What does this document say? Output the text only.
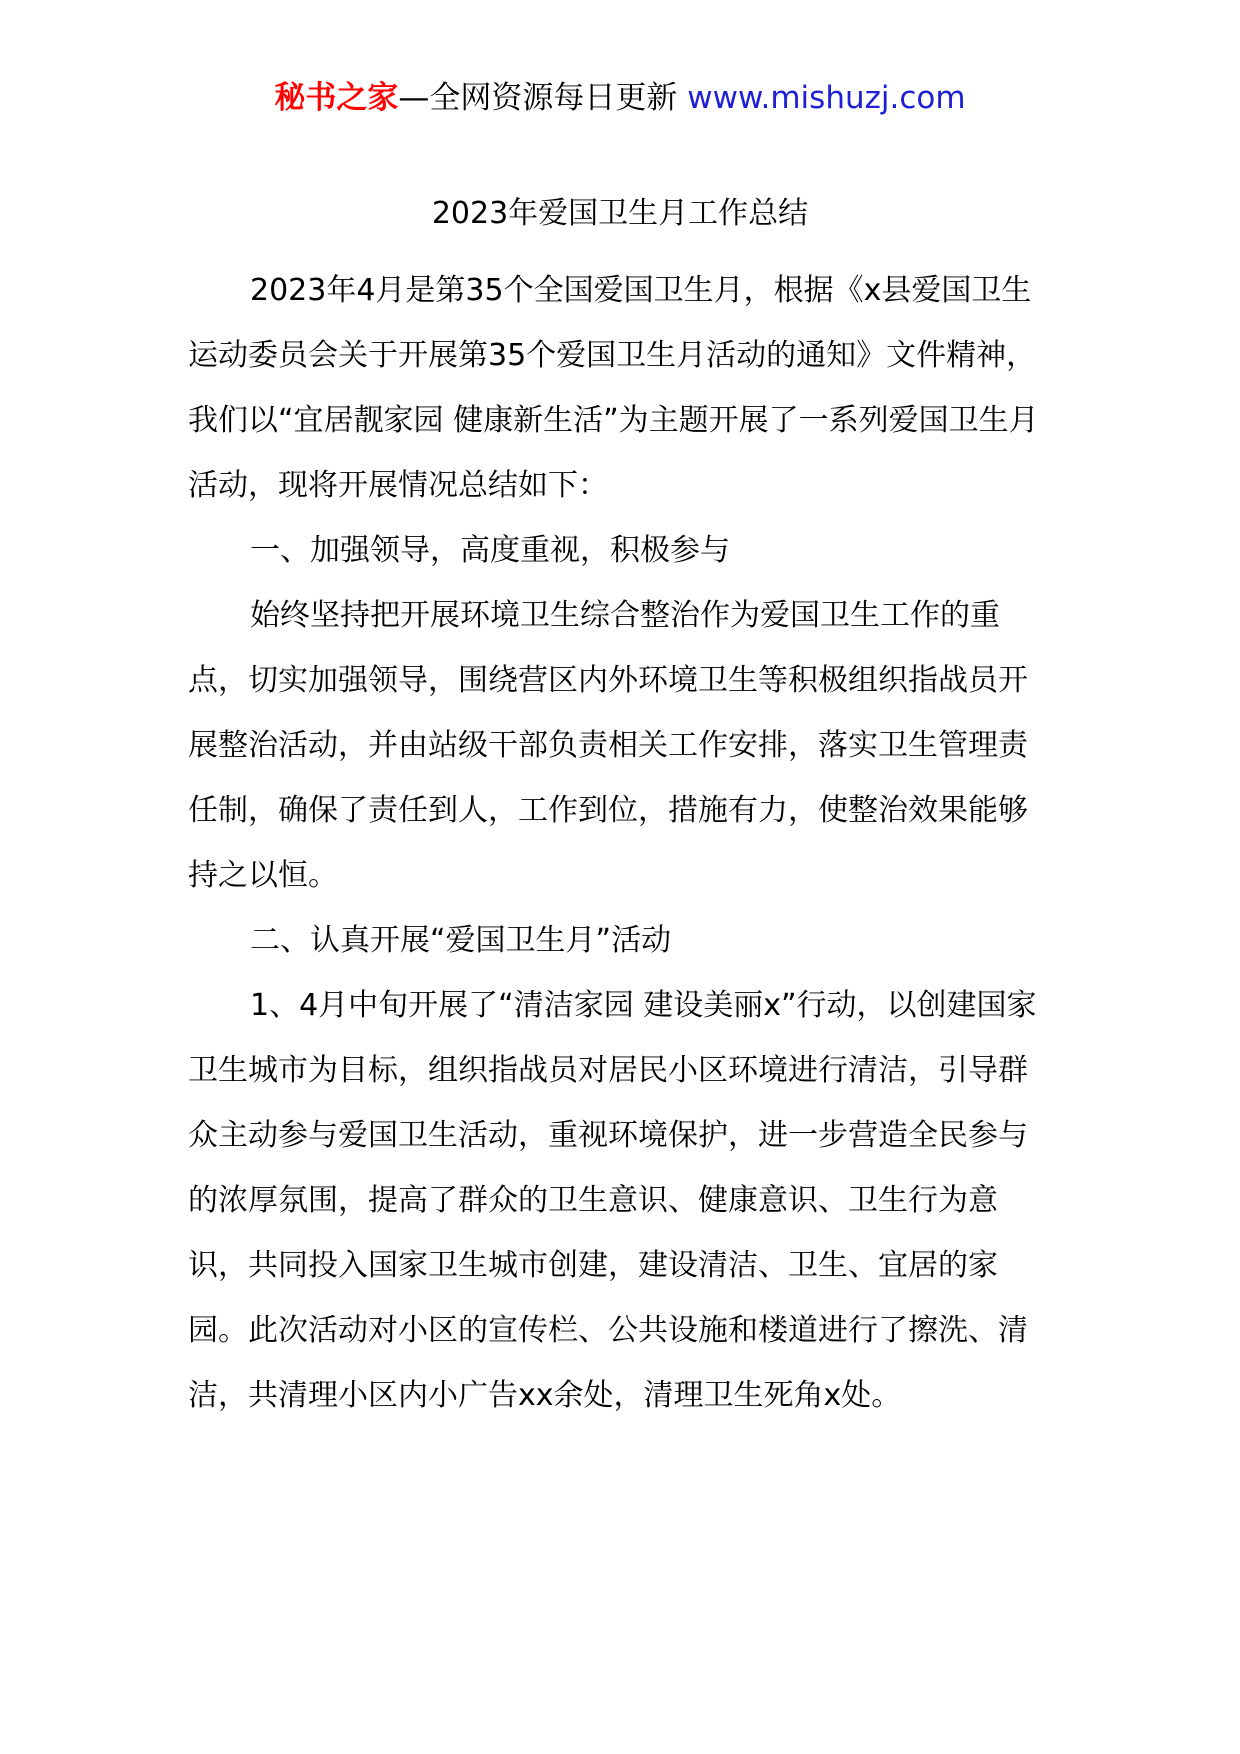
秘书之家—全网资源每日更新 www.mishuzj.com
2023年爱国卫生月工作总结

2023年4月是第35个全国爱国卫生月，根据《x县爱国卫生运动委员会关于开展第35个爱国卫生月活动的通知》文件精神，我们以“宜居靓家园 健康新生活”为主题开展了一系列爱国卫生月活动，现将开展情况总结如下：

一、加强领导，高度重视，积极参与

始终坚持把开展环境卫生综合整治作为爱国卫生工作的重点，切实加强领导，围绕营区内外环境卫生等积极组织指战员开展整治活动，并由站级干部负责相关工作安排，落实卫生管理责任制，确保了责任到人，工作到位，措施有力，使整治效果能够持之以恒。

二、认真开展“爱国卫生月”活动

1、4月中旬开展了“清洁家园 建设美丽x”行动，以创建国家卫生城市为目标，组织指战员对居民小区环境进行清洁，引导群众主动参与爱国卫生活动，重视环境保护，进一步营造全民参与的浓厚氛围，提高了群众的卫生意识、健康意识、卫生行为意识，共同投入国家卫生城市创建，建设清洁、卫生、宜居的家园。此次活动对小区的宣传栏、公共设施和楼道进行了擦洗、清洁，共清理小区内小广告xx余处，清理卫生死角x处。
